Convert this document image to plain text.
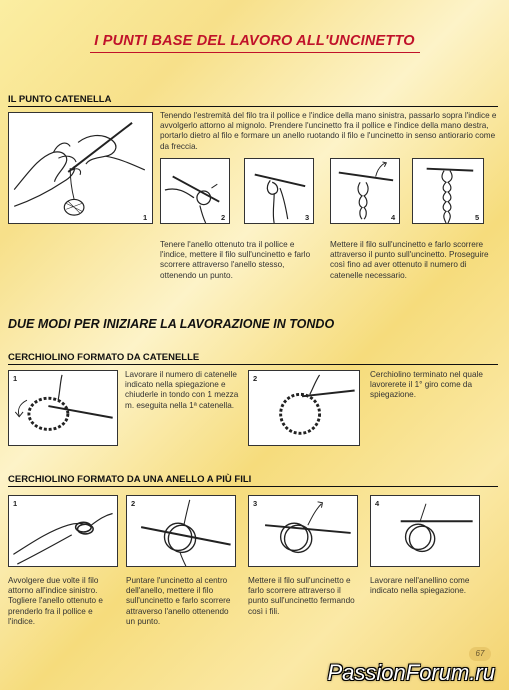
I PUNTI BASE DEL LAVORO ALL'UNCINETTO
IL PUNTO CATENELLA
1
Tenendo l'estremità del filo tra il pollice e l'indice della mano sinistra, passarlo sopra l'indice e avvolgerlo attorno al mignolo. Prendere l'uncinetto fra il pollice e l'indice della mano destra, portarlo dietro al filo e formare un anello ruotando il filo e l'uncinetto in senso antiorario come da freccia.
2	3	4	5
Tenere l'anello ottenuto tra il pollice e l'indice, mettere il filo sull'uncinetto e farlo scorrere attraverso l'anello stesso, ottenendo un punto.
Mettere il filo sull'uncinetto e farlo scorrere attraverso il punto sull'uncinetto. Proseguire così fino ad aver ottenuto il numero di catenelle necessario.
DUE MODI PER INIZIARE LA LAVORAZIONE IN TONDO
CERCHIOLINO FORMATO DA CATENELLE
1	Lavorare il numero di catenelle indicato nella spiegazione e chiuderle in tondo con 1 mezza m. eseguita nella 1ª catenella.
2	Cerchiolino terminato nel quale lavorerete il 1° giro come da spiegazione.
CERCHIOLINO FORMATO DA UNA ANELLO A PIÙ FILI
1	2	3	4
Avvolgere due volte il filo attorno all'indice sinistro. Togliere l'anello ottenuto e prenderlo fra il pollice e l'indice.
Puntare l'uncinetto al centro dell'anello, mettere il filo sull'uncinetto e farlo scorrere attraverso l'anello ottenendo un punto.
Mettere il filo sull'uncinetto e farlo scorrere attraverso il punto sull'uncinetto fermando così i fili.
Lavorare nell'anellino come indicato nella spiegazione.
67
PassionForum.ru
